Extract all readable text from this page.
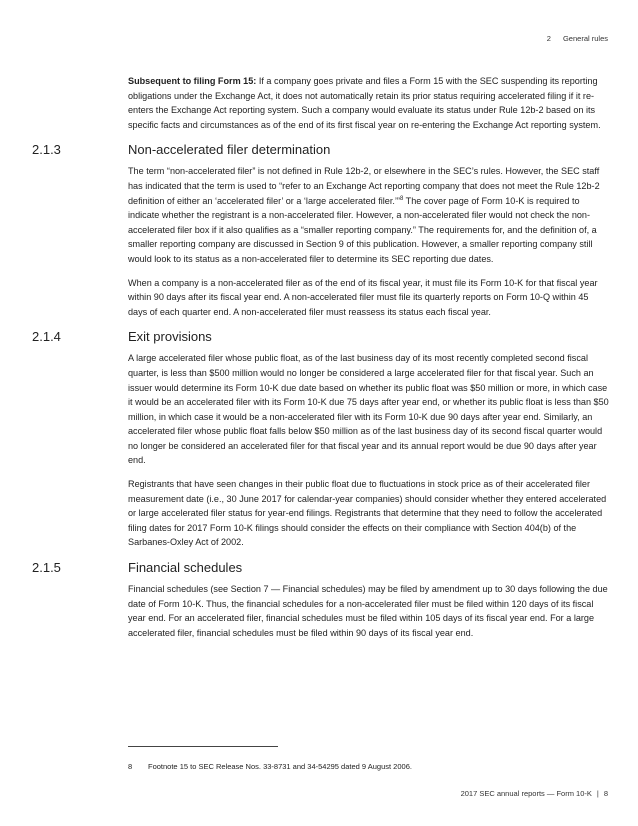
2 General rules

Subsequent to filing Form 15: If a company goes private and files a Form 15 with the SEC suspending its reporting obligations under the Exchange Act, it does not automatically retain its prior status requiring accelerated filing if it re-enters the Exchange Act reporting system. Such a company would evaluate its status under Rule 12b-2 based on its specific facts and circumstances as of the end of its first fiscal year on re-entering the Exchange Act reporting system.

2.1.3	Non-accelerated filer determination

The term “non-accelerated filer” is not defined in Rule 12b-2, or elsewhere in the SEC’s rules. However, the SEC staff has indicated that the term is used to “refer to an Exchange Act reporting company that does not meet the Rule 12b-2 definition of either an ‘accelerated filer’ or a ‘large accelerated filer.’”$^8$ The cover page of Form 10-K is required to indicate whether the registrant is a non-accelerated filer. However, a non-accelerated filer would not check the non-accelerated filer box if it also qualifies as a “smaller reporting company.” The requirements for, and the definition of, a smaller reporting company are discussed in Section 9 of this publication. However, a smaller reporting company still would look to its status as a non-accelerated filer to determine its SEC reporting due dates.

When a company is a non-accelerated filer as of the end of its fiscal year, it must file its Form 10-K for that fiscal year within 90 days after its fiscal year end. A non-accelerated filer must file its quarterly reports on Form 10-Q within 45 days of each quarter end. A non-accelerated filer must reassess its status each fiscal year.

2.1.4	Exit provisions

A large accelerated filer whose public float, as of the last business day of its most recently completed second fiscal quarter, is less than $500 million would no longer be considered a large accelerated filer for that fiscal year. Such an issuer would determine its Form 10-K due date based on whether its public float was $50 million or more, in which case it would be an accelerated filer with its Form 10-K due 75 days after year end, or whether its public float is less than $50 million, in which case it would be a non-accelerated filer with its Form 10-K due 90 days after year end. Similarly, an accelerated filer whose public float falls below $50 million as of the last business day of its second fiscal quarter would no longer be considered an accelerated filer for that fiscal year and its annual report would be due 90 days after year end.

Registrants that have seen changes in their public float due to fluctuations in stock price as of their accelerated filer measurement date (i.e., 30 June 2017 for calendar-year companies) should consider whether they entered accelerated or large accelerated filer status for year-end filings. Registrants that determine that they need to follow the accelerated filing dates for 2017 Form 10-K filings should consider the effects on their compliance with Section 404(b) of the Sarbanes-Oxley Act of 2002.

2.1.5	Financial schedules

Financial schedules (see Section 7 — Financial schedules) may be filed by amendment up to 30 days following the due date of Form 10-K. Thus, the financial schedules for a non-accelerated filer must be filed within 120 days of its fiscal year end. For an accelerated filer, financial schedules must be filed within 105 days of its fiscal year end. For a large accelerated filer, financial schedules must be filed within 90 days of its fiscal year end.

8 Footnote 15 to SEC Release Nos. 33-8731 and 34-54295 dated 9 August 2006.
2017 SEC annual reports — Form 10-K | 8
